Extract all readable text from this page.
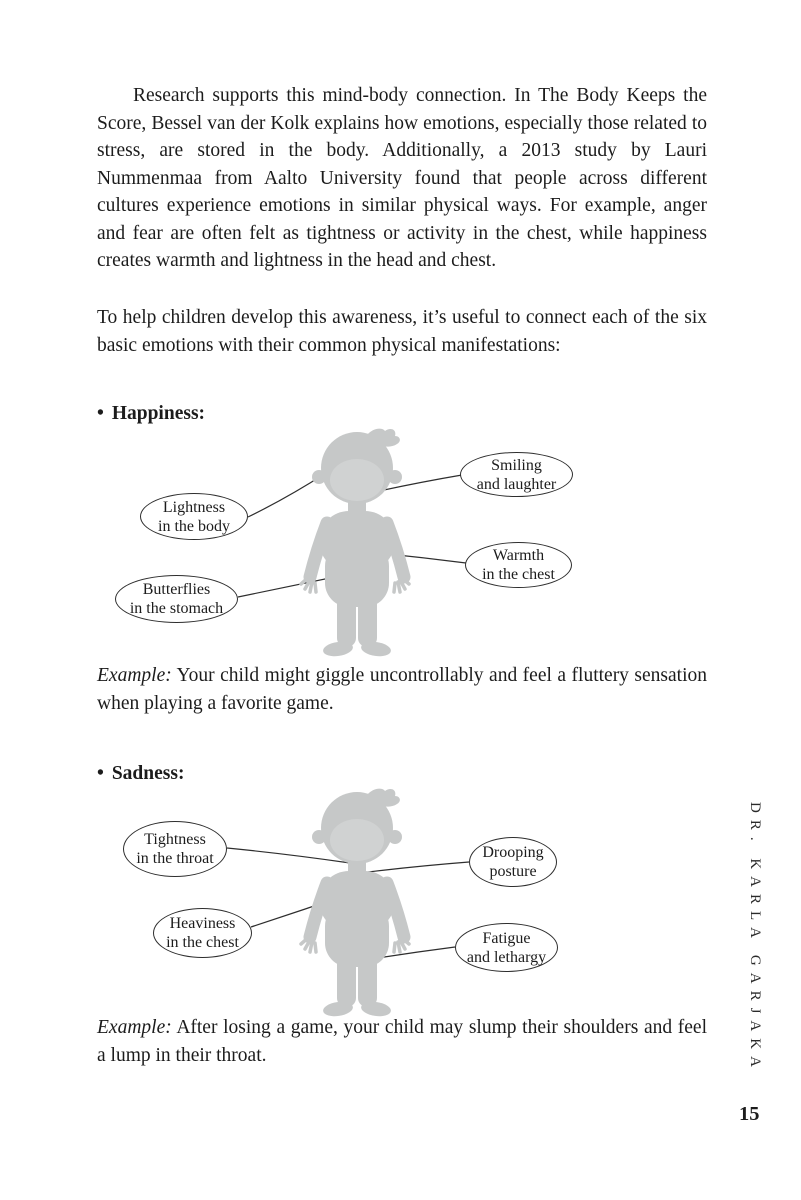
Research supports this mind-body connection. In The Body Keeps the Score, Bessel van der Kolk explains how emotions, especially those related to stress, are stored in the body. Additionally, a 2013 study by Lauri Nummenmaa from Aalto University found that people across different cultures experience emotions in similar physical ways. For example, anger and fear are often felt as tightness or activity in the chest, while happiness creates warmth and lightness in the head and chest.

To help children develop this awareness, it’s useful to connect each of the six basic emotions with their common physical manifestations:

• Happiness:
Lightness
in the body
Butterflies
in the stomach
Smiling
and laughter
Warmth
in the chest

Example: Your child might giggle uncontrollably and feel a fluttery sensation when playing a favorite game.

• Sadness:
Tightness
in the throat
Heaviness
in the chest
Drooping
posture
Fatigue
and lethargy

Example: After losing a game, your child may slump their shoulders and feel a lump in their throat.	DR. KARLA GARJAKA
15
